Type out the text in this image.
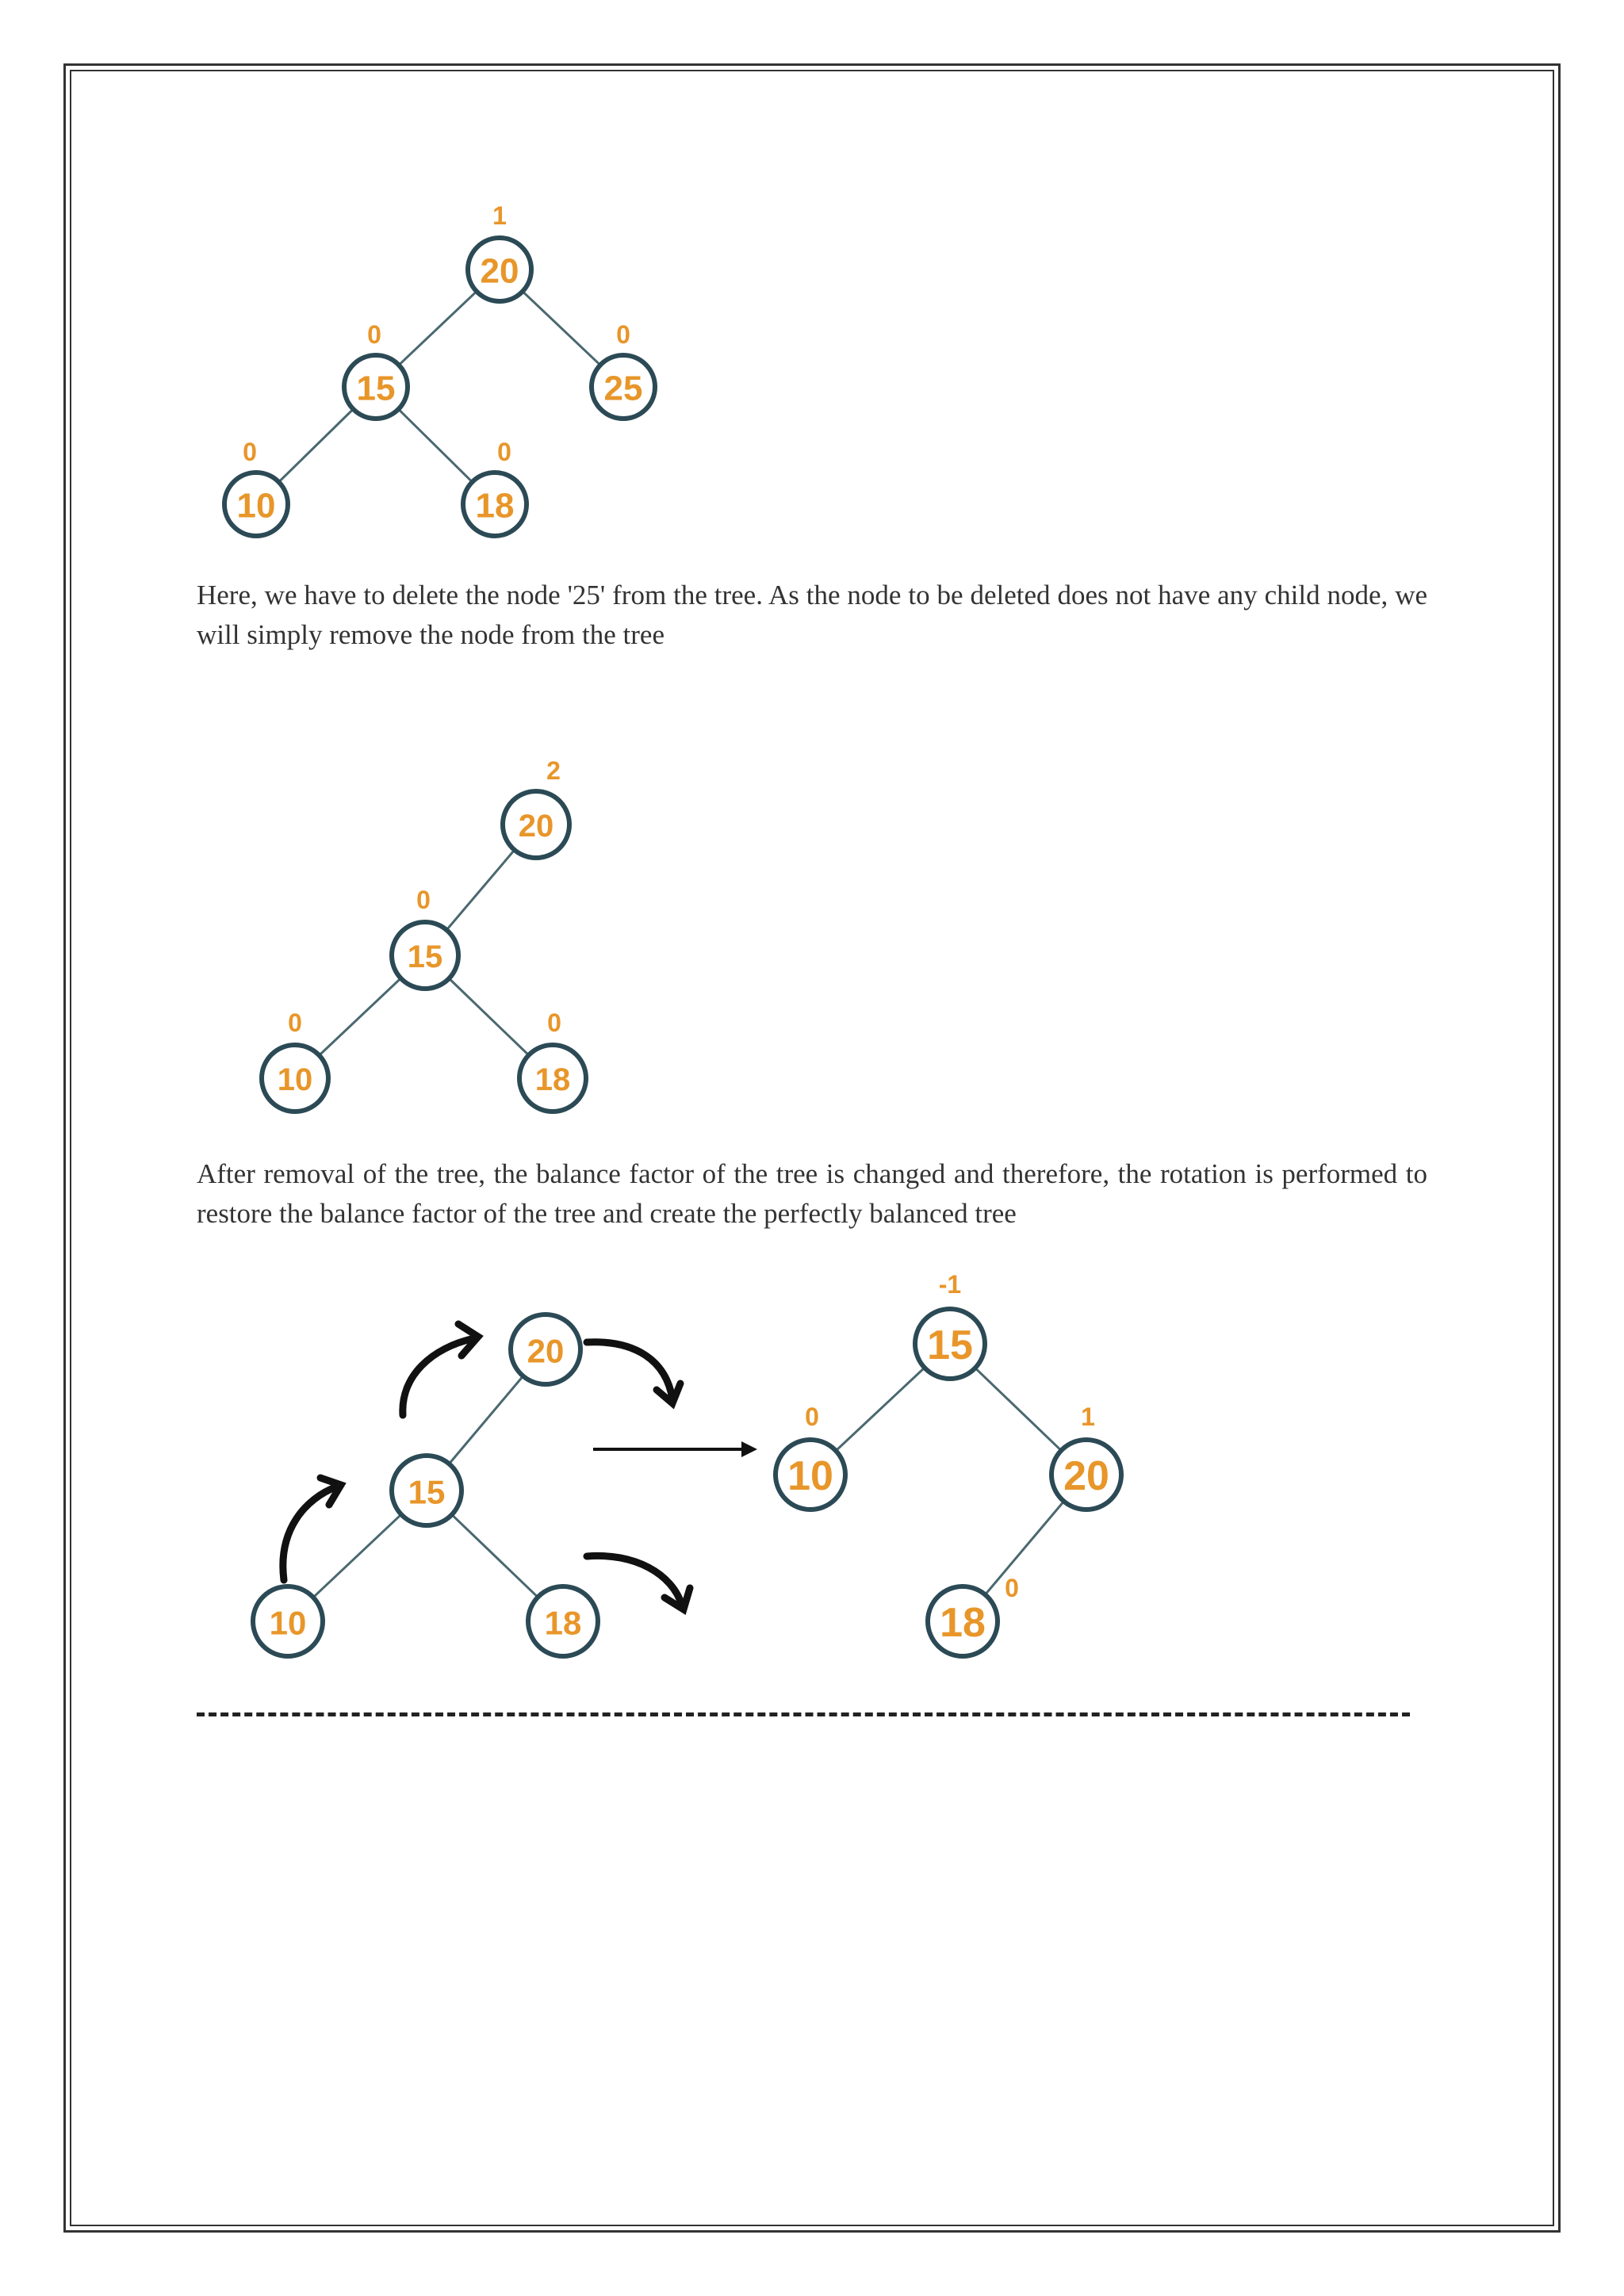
20
1
15
0
25
0
10
0
18
0
20
2
15
0
10
0
18
0
20
15
10	18
15
-1
10
0
20
1
18
0

Here, we have to delete the node '25' from the tree. As the node to be deleted does not have any child node, we will simply remove the node from the tree

After removal of the tree, the balance factor of the tree is changed and therefore, the rotation is performed to restore the balance factor of the tree and create the perfectly balanced tree
